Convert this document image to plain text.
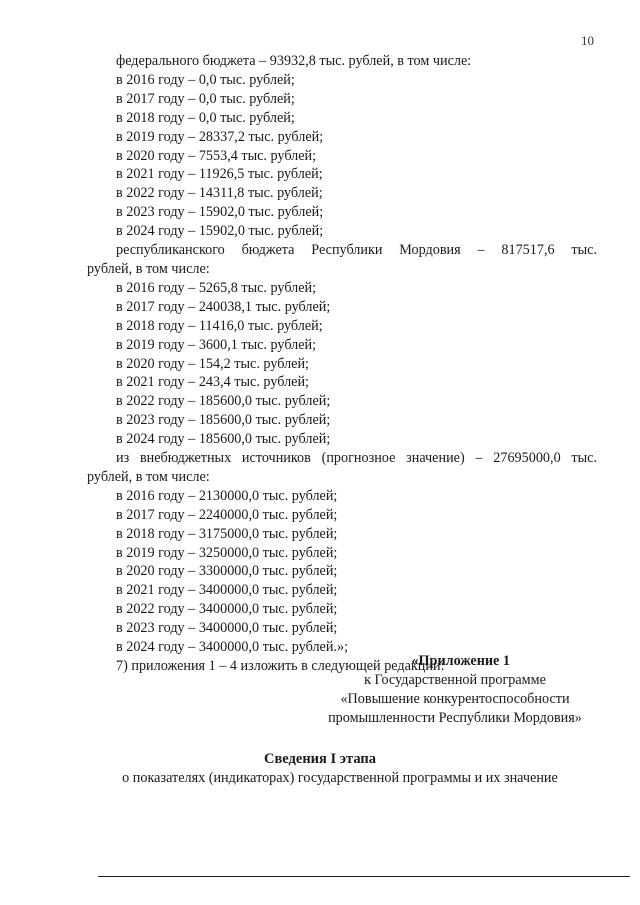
10
федерального бюджета – 93932,8 тыс. рублей, в том числе:
в 2016 году – 0,0 тыс. рублей;
в 2017 году – 0,0 тыс. рублей;
в 2018 году – 0,0 тыс. рублей;
в 2019 году – 28337,2 тыс. рублей;
в 2020 году – 7553,4 тыс. рублей;
в 2021 году – 11926,5 тыс. рублей;
в 2022 году – 14311,8 тыс. рублей;
в 2023 году – 15902,0 тыс. рублей;
в 2024 году – 15902,0 тыс. рублей;
республиканского бюджета Республики Мордовия – 817517,6 тыс.
рублей, в том числе:
в 2016 году – 5265,8 тыс. рублей;
в 2017 году – 240038,1 тыс. рублей;
в 2018 году – 11416,0 тыс. рублей;
в 2019 году – 3600,1 тыс. рублей;
в 2020 году – 154,2 тыс. рублей;
в 2021 году – 243,4 тыс. рублей;
в 2022 году – 185600,0 тыс. рублей;
в 2023 году – 185600,0 тыс. рублей;
в 2024 году – 185600,0 тыс. рублей;
из внебюджетных источников (прогнозное значение) – 27695000,0 тыс.
рублей, в том числе:
в 2016 году – 2130000,0 тыс. рублей;
в 2017 году – 2240000,0 тыс. рублей;
в 2018 году – 3175000,0 тыс. рублей;
в 2019 году – 3250000,0 тыс. рублей;
в 2020 году – 3300000,0 тыс. рублей;
в 2021 году – 3400000,0 тыс. рублей;
в 2022 году – 3400000,0 тыс. рублей;
в 2023 году – 3400000,0 тыс. рублей;
в 2024 году – 3400000,0 тыс. рублей.»;
7) приложения 1 – 4 изложить в следующей редакции:
«Приложение 1
к Государственной программе
«Повышение конкурентоспособности
промышленности Республики Мордовия»
Сведения I этапа
о показателях (индикаторах) государственной программы и их значение
